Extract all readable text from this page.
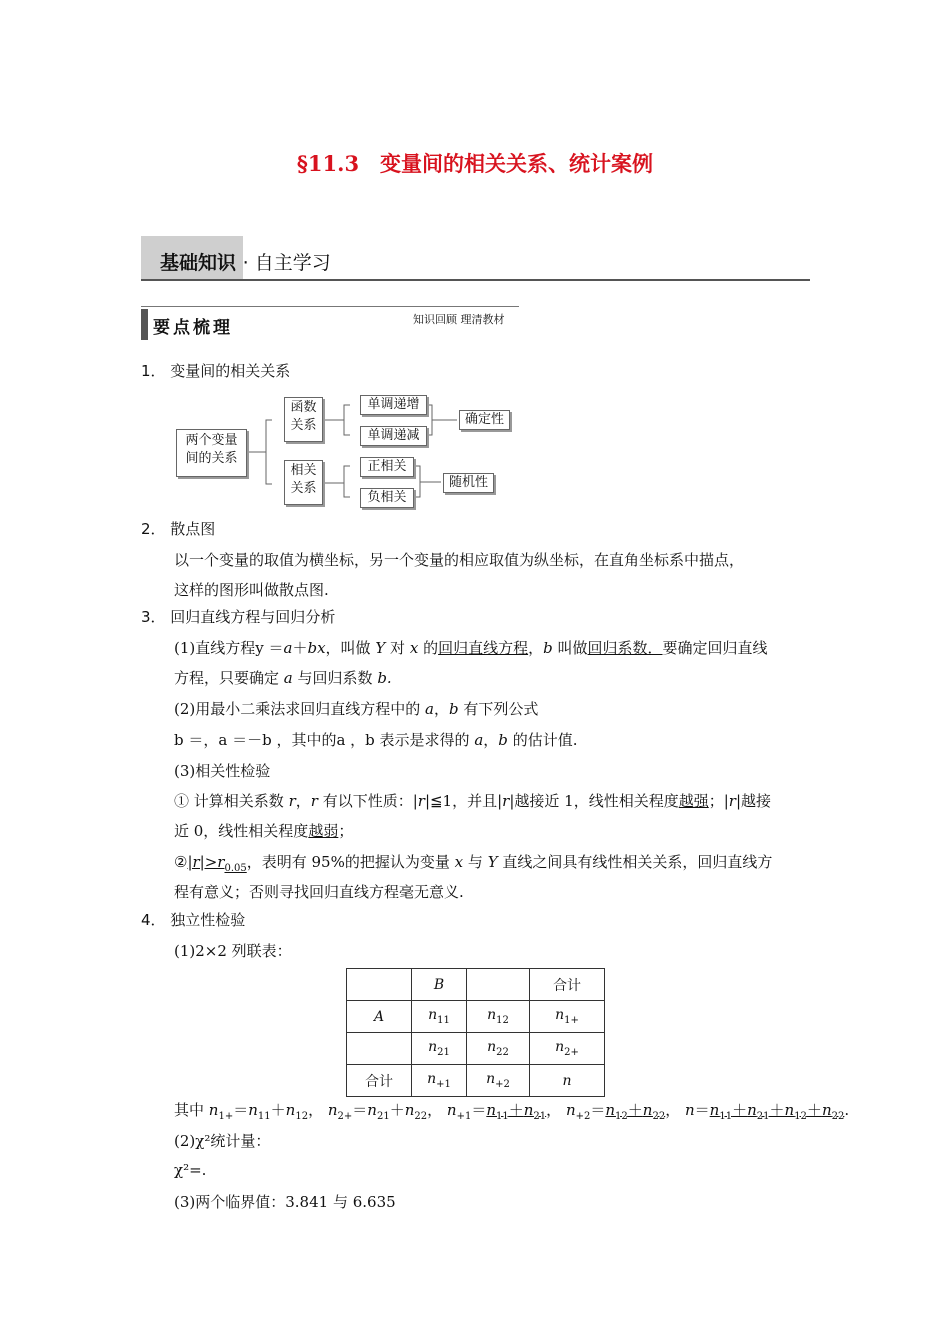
§11.3　变量间的相关关系、统计案例
基础知识 · 自主学习
要点梳理	知识回顾 理清教材
1． 变量间的相关关系
两个变量
间的关系
函数
关系
相关
关系
单调递增
单调递减
正相关
负相关
确定性
随机性
2． 散点图
以一个变量的取值为横坐标，另一个变量的相应取值为纵坐标，在直角坐标系中描点，
这样的图形叫做散点图.
3． 回归直线方程与回归分析
(1)直线方程y ＝a＋bx，叫做 Y 对 x 的回归直线方程，b 叫做回归系数．要确定回归直线
方程，只要确定 a 与回归系数 b.
(2)用最小二乘法求回归直线方程中的 a，b 有下列公式
b ＝，a ＝－b ，其中的a ，b 表示是求得的 a，b 的估计值.
(3)相关性检验
① 计算相关系数 r，r 有以下性质：|r|≦1，并且|r|越接近 1，线性相关程度越强；|r|越接
近 0，线性相关程度越弱；
$②|r|>r_{0.05}$，表明有 95%的把握认为变量 x 与 Y 直线之间具有线性相关关系，回归直线方
程有意义；否则寻找回归直线方程毫无意义.
4． 独立性检验
(1)2×2 列联表：
	B		合计
A	$n_{11}$	$n_{12}$	$n_{1+}$
	$n_{21}$	$n_{22}$	$n_{2+}$
合计	$n_{+1}$	$n_{+2}$	n
其中 $n_{1+}=n_{11}+n_{12}$， $n_{2+}=n_{21}+n_{22}$， $n_{+1}=n_{11}+n_{21}$， $n_{+2}=n_{12}+n_{22}$， $n=n_{11}+n_{21}+n_{12}+n_{22}$.
(2)χ²统计量：
χ²=.
(3)两个临界值：3.841 与 6.635
